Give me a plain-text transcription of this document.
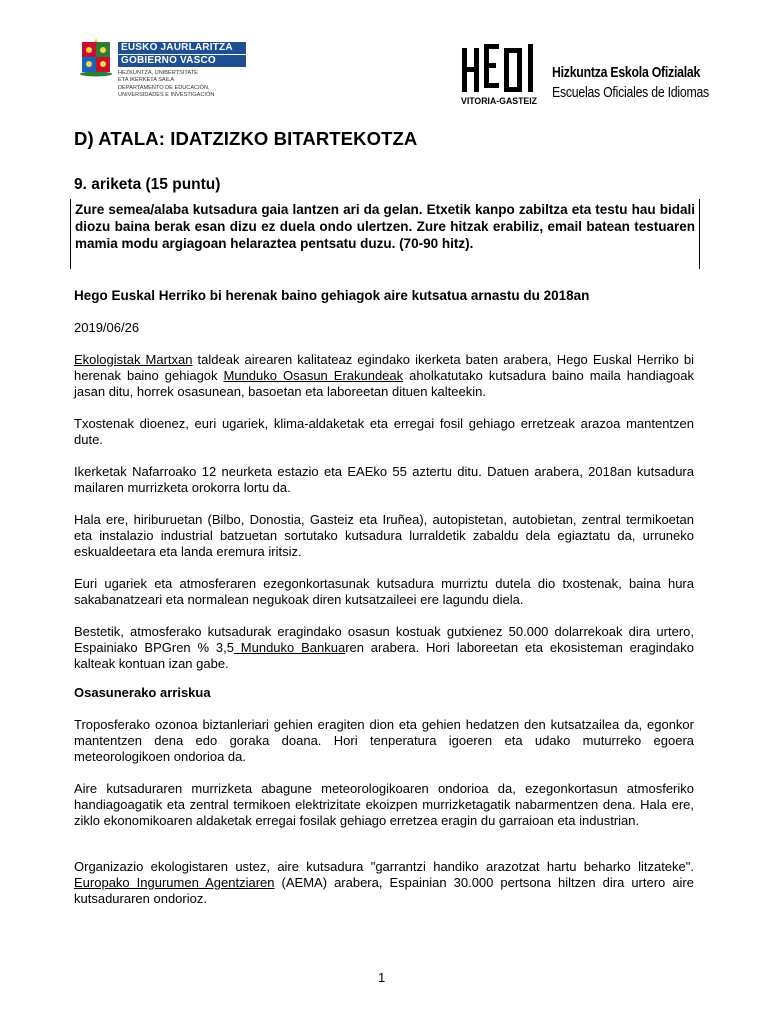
EUSKO JAURLARITZA
GOBIERNO VASCO
HEZKUNTZA, UNIBERTSITATE
ETA IKERKETA SAILA
DEPARTAMENTO DE EDUCACIÓN,
UNIVERSIDADES E INVESTIGACIÓN
VITORIA-GASTEIZ
Hizkuntza Eskola Ofizialak
Escuelas Oficiales de Idiomas
D) ATALA: IDATZIZKO BITARTEKOTZA
9. ariketa (15 puntu)

Zure semea/alaba kutsadura gaia lantzen ari da gelan. Etxetik kanpo zabiltza eta testu hau bidali diozu baina berak esan dizu ez duela ondo ulertzen. Zure hitzak erabiliz, email batean testuaren mamia modu argiagoan helaraztea pentsatu duzu. (70-90 hitz).

Hego Euskal Herriko bi herenak baino gehiagok aire kutsatua arnastu du 2018an
2019/06/26

Ekologistak Martxan taldeak airearen kalitateaz egindako ikerketa baten arabera, Hego Euskal Herriko bi herenak baino gehiagok Munduko Osasun Erakundeak aholkatutako kutsadura baino maila handiagoak jasan ditu, horrek osasunean, basoetan eta laboreetan dituen kalteekin.

Txostenak dioenez, euri ugariek, klima-aldaketak eta erregai fosil gehiago erretzeak arazoa mantentzen dute.

Ikerketak Nafarroako 12 neurketa estazio eta EAEko 55 aztertu ditu. Datuen arabera, 2018an kutsadura mailaren murrizketa orokorra lortu da.

Hala ere, hiriburuetan (Bilbo, Donostia, Gasteiz eta Iruñea), autopistetan, autobietan, zentral termikoetan eta instalazio industrial batzuetan sortutako kutsadura lurraldetik zabaldu dela egiaztatu da, urruneko eskualdeetara eta landa eremura iritsiz.

Euri ugariek eta atmosferaren ezegonkortasunak kutsadura murriztu dutela dio txostenak, baina hura sakabanatzeari eta normalean negukoak diren kutsatzaileei ere lagundu diela.

Bestetik, atmosferako kutsadurak eragindako osasun kostuak gutxienez 50.000 dolarrekoak dira urtero, Espainiako BPGren % 3,5 Munduko Bankuaren arabera. Hori laboreetan eta ekosisteman eragindako kalteak kontuan izan gabe.

Osasunerako arriskua

Troposferako ozonoa biztanleriari gehien eragiten dion eta gehien hedatzen den kutsatzailea da, egonkor mantentzen dena edo goraka doana. Hori tenperatura igoeren eta udako muturreko egoera meteorologikoen ondorioa da.

Aire kutsaduraren murrizketa abagune meteorologikoaren ondorioa da, ezegonkortasun atmosferiko handiagoagatik eta zentral termikoen elektrizitate ekoizpen murrizketagatik nabarmentzen dena. Hala ere, ziklo ekonomikoaren aldaketak erregai fosilak gehiago erretzea eragin du garraioan eta industrian.

Organizazio ekologistaren ustez, aire kutsadura "garrantzi handiko arazotzat hartu beharko litzateke". Europako Ingurumen Agentziaren (AEMA) arabera, Espainian 30.000 pertsona hiltzen dira urtero aire kutsaduraren ondorioz.

1
